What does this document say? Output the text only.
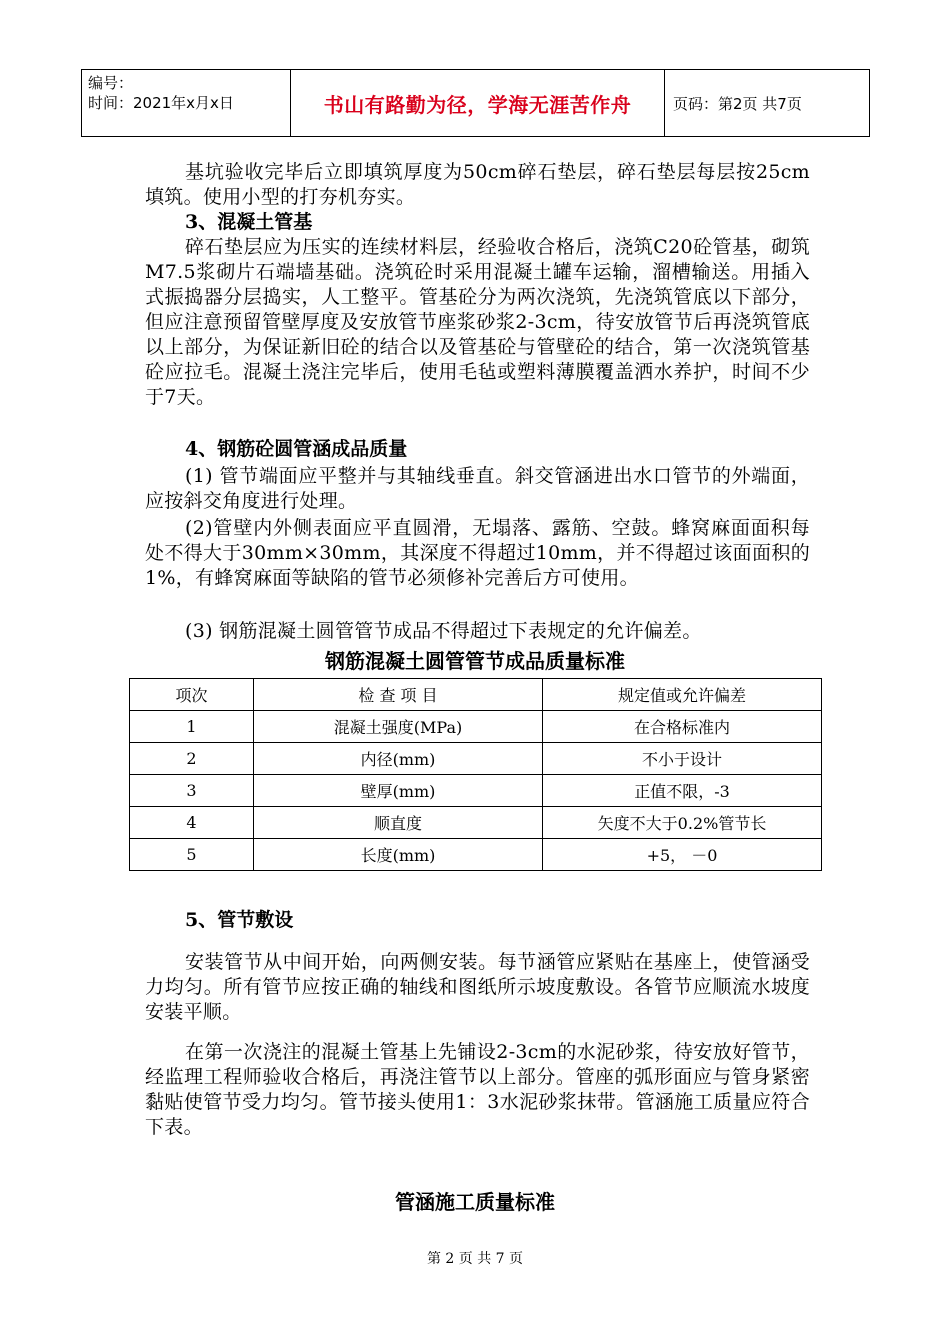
编号：
时间：2021年x月x日	书山有路勤为径，学海无涯苦作舟	页码：第2页 共7页
基坑验收完毕后立即填筑厚度为50cm碎石垫层，碎石垫层每层按25cm填筑。使用小型的打夯机夯实。
3、混凝土管基
碎石垫层应为压实的连续材料层，经验收合格后，浇筑C20砼管基，砌筑M7.5浆砌片石端墙基础。浇筑砼时采用混凝土罐车运输，溜槽输送。用插入式振捣器分层捣实，人工整平。管基砼分为两次浇筑，先浇筑管底以下部分，但应注意预留管壁厚度及安放管节座浆砂浆2-3cm，待安放管节后再浇筑管底以上部分，为保证新旧砼的结合以及管基砼与管壁砼的结合，第一次浇筑管基砼应拉毛。混凝土浇注完毕后，使用毛毡或塑料薄膜覆盖洒水养护，时间不少于7天。
4、钢筋砼圆管涵成品质量
(1) 管节端面应平整并与其轴线垂直。斜交管涵进出水口管节的外端面，应按斜交角度进行处理。
(2)管壁内外侧表面应平直圆滑，无塌落、露筋、空鼓。蜂窝麻面面积每处不得大于30mm×30mm，其深度不得超过10mm，并不得超过该面面积的1%，有蜂窝麻面等缺陷的管节必须修补完善后方可使用。
(3) 钢筋混凝土圆管管节成品不得超过下表规定的允许偏差。
钢筋混凝土圆管管节成品质量标准
项次	检 查 项 目	规定值或允许偏差
1	混凝土强度(MPa)	在合格标准内
2	内径(mm)	不小于设计
3	壁厚(mm)	正值不限，-3
4	顺直度	矢度不大于0.2%管节长
5	长度(mm)	+5， －0
5、管节敷设
安装管节从中间开始，向两侧安装。每节涵管应紧贴在基座上，使管涵受力均匀。所有管节应按正确的轴线和图纸所示坡度敷设。各管节应顺流水坡度安装平顺。
在第一次浇注的混凝土管基上先铺设2-3cm的水泥砂浆，待安放好管节，经监理工程师验收合格后，再浇注管节以上部分。管座的弧形面应与管身紧密黏贴使管节受力均匀。管节接头使用1：3水泥砂浆抹带。管涵施工质量应符合下表。
管涵施工质量标准
第 2 页 共 7 页
